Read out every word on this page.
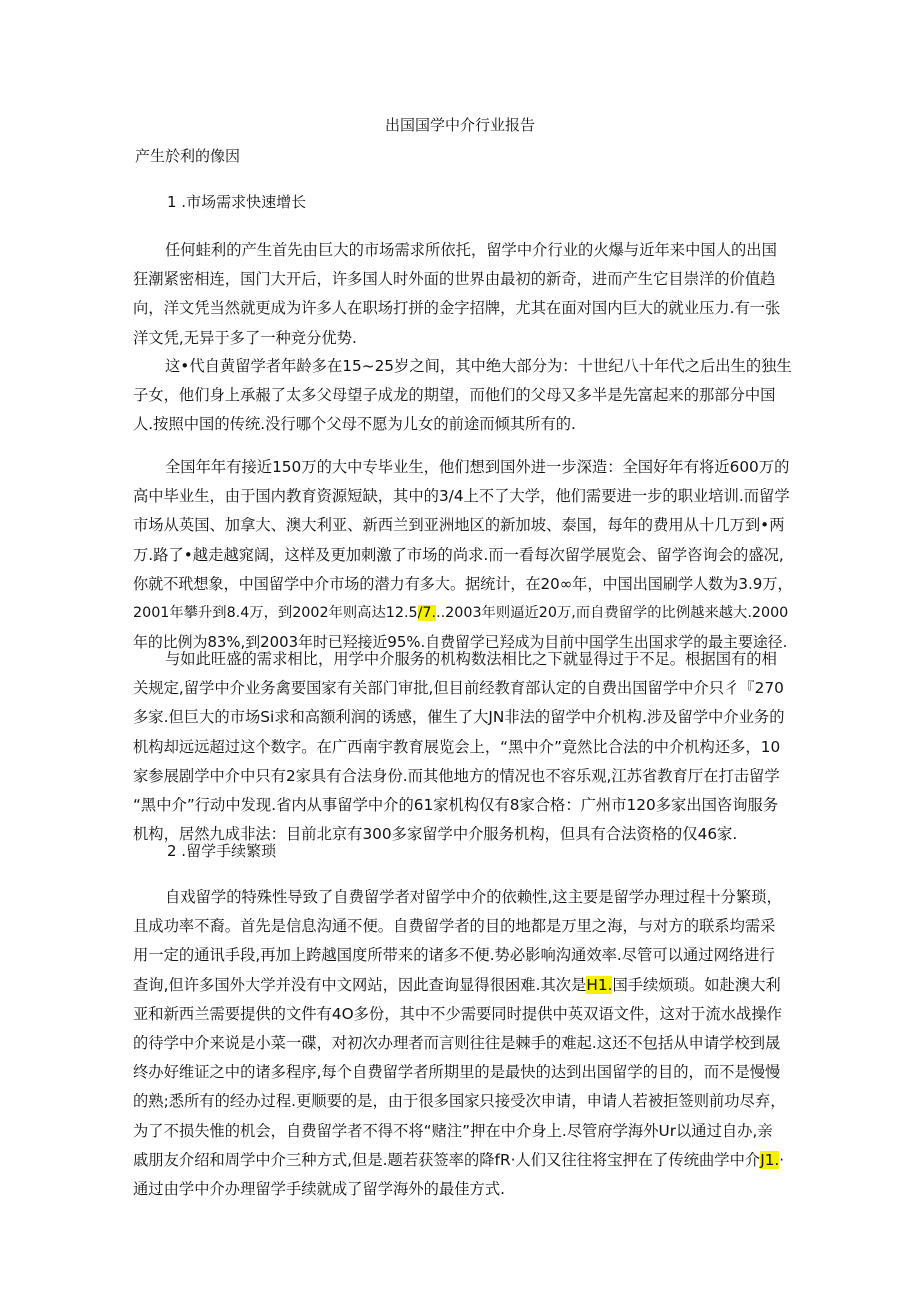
出国国学中介行业报告
产生於利的像因
1 .市场需求快速增长
任何蛙利的产生首先由巨大的市场需求所依托，留学中介行业的火爆与近年来中国人的出国
狂潮紧密相连，国门大开后，许多国人时外面的世界由最初的新奇，进而产生它目崇洋的价值趋
向，洋文凭当然就更成为许多人在职场打拼的金字招牌，尤其在面对国内巨大的就业压力.有一张
洋文凭,无异于多了一种竞分优势.
这•代自黄留学者年龄多在15~25岁之间，其中绝大部分为：十世纪八十年代之后出生的独生
子女，他们身上承赧了太多父母望子成龙的期望，而他们的父母又多半是先富起来的那部分中国
人.按照中国的传统.没行哪个父母不愿为儿女的前途而倾其所有的.
全国年年有接近150万的大中专毕业生，他们想到国外进一步深造：全国好年有将近600万的
高中毕业生，由于国内教育资源短缺，其中的3/4上不了大学，他们需要进一步的职业培训.而留学
市场从英国、加拿大、澳大利亚、新西兰到亚洲地区的新加坡、泰国，每年的费用从十几万到•两
万.路了•越走越窕阔，这样及更加刺激了市场的尚求.而一看每次留学展览会、留学咨询会的盛况,
你就不玳想象，中国留学中介市场的潜力有多大。据统计，在20∞年，中国出国刷学人数为3.9万，
2001年攀升到8.4万，到2002年则高达12.5/7...2003年则逼近20万,而自费留学的比例越来越大.2000
年的比例为83%,到2003年时已羟接近95%.自费留学已羟成为目前中国学生出国求学的最主要途径.
与如此旺盛的需求相比，用学中介服务的机构数法相比之下就显得过于不足。根据国有的相
关规定,留学中介业务禽要国家有关部门审批,但目前经教育部认定的自费出国留学中介只彳『270
多家.但巨大的市场Si求和高额利润的诱感，催生了大JN非法的留学中介机构.涉及留学中介业务的
机构却远远超过这个数字。在广西南宇教育展览会上，“黑中介”竟然比合法的中介机构还多，10
家参展剧学中介中只有2家具有合法身份.而其他地方的情况也不容乐观,江苏省教育厅在打击留学
“黑中介”行动中发现.省内从事留学中介的61家机构仅有8家合格：广州市120多家出国咨询服务
机构，居然九成非法：目前北京有300多家留学中介服务机构，但具有合法资格的仅46家.
2 .留学手续繁琐
自戏留学的特殊性导致了自费留学者对留学中介的依赖性,这主要是留学办理过程十分繁琐，
且成功率不裔。首先是信息沟通不便。自费留学者的目的地都是万里之海，与对方的联系均需采
用一定的通讯手段,再加上跨越国度所带来的诸多不便.势必影响沟通效率.尽管可以通过网络进行
查询,但许多国外大学并没有中文网站，因此查询显得很困难.其次是H1.国手续烦琐。如赴澳大利
亚和新西兰需要提供的文件有4O多份，其中不少需要同时提供中英双语文件，这对于流水战操作
的待学中介来说是小菜一碟，对初次办理者而言则往往是棘手的难起.这还不包括从申请学校到晟
终办好维证之中的诸多程序,每个自费留学者所期里的是最快的达到出国留学的目的，而不是慢慢
的熟;悉所有的经办过程.更顺要的是，由于很多国家只接受次申请，申请人若被拒签则前功尽弃，
为了不损失惟的机会，自费留学者不得不将“赌注”押在中介身上.尽管府学海外Ur以通过自办,亲
戚朋友介绍和周学中介三种方式,但是.题若获签率的降fR·人们又往往将宝押在了传统曲学中介J1.·
通过由学中介办理留学手续就成了留学海外的最佳方式.
